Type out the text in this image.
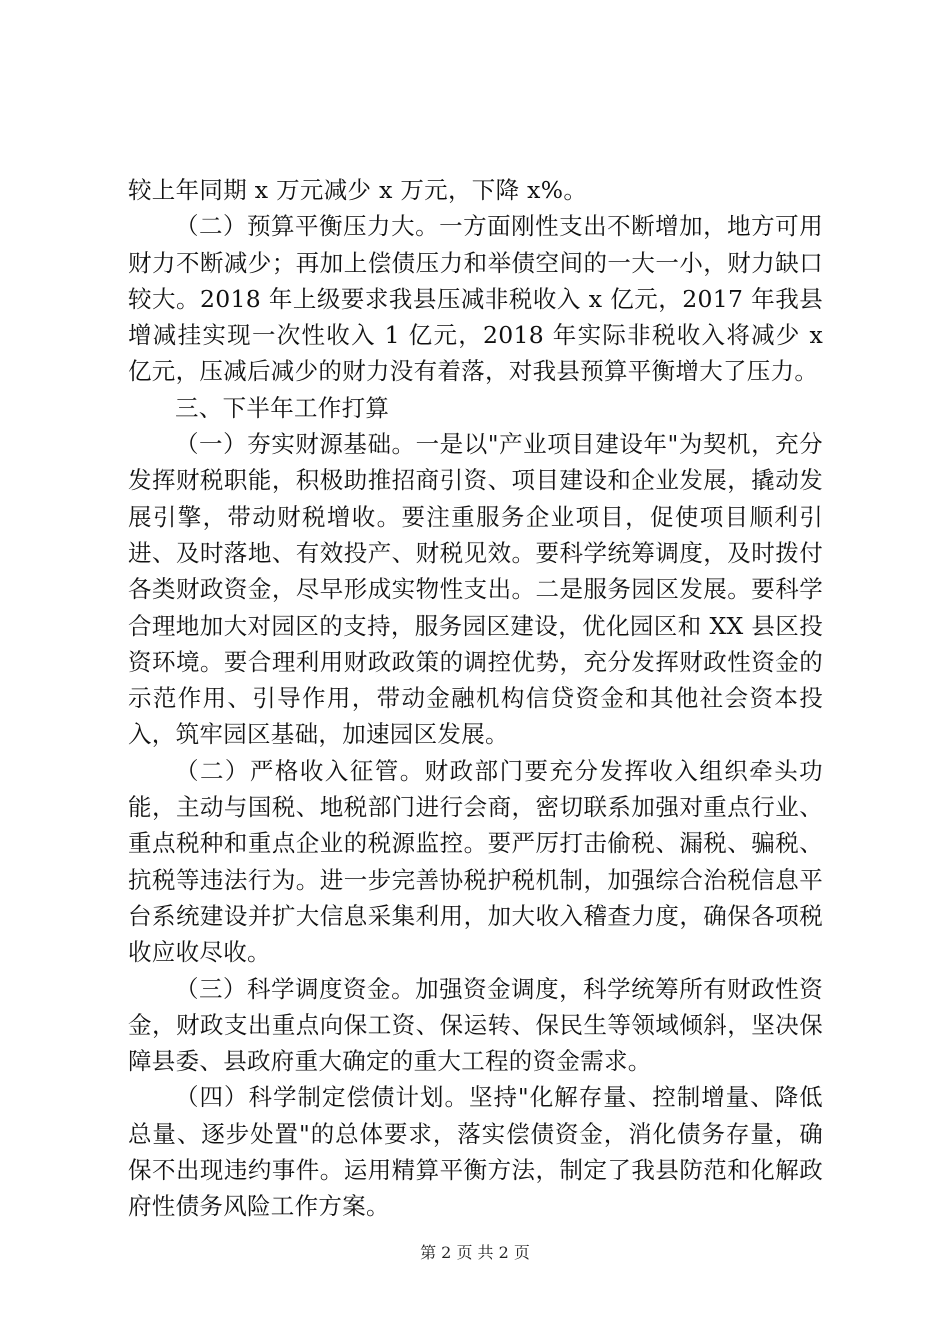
较上年同期 x 万元减少 x 万元，下降 x%。

（二）预算平衡压力大。一方面刚性支出不断增加，地方可用财力不断减少；再加上偿债压力和举债空间的一大一小，财力缺口较大。2018 年上级要求我县压减非税收入 x 亿元，2017 年我县增减挂实现一次性收入 1 亿元，2018 年实际非税收入将减少 x 亿元，压减后减少的财力没有着落，对我县预算平衡增大了压力。

三、下半年工作打算

（一）夯实财源基础。一是以"产业项目建设年"为契机，充分发挥财税职能，积极助推招商引资、项目建设和企业发展，撬动发展引擎，带动财税增收。要注重服务企业项目，促使项目顺利引进、及时落地、有效投产、财税见效。要科学统筹调度，及时拨付各类财政资金，尽早形成实物性支出。二是服务园区发展。要科学合理地加大对园区的支持，服务园区建设，优化园区和 XX 县区投资环境。要合理利用财政政策的调控优势，充分发挥财政性资金的示范作用、引导作用，带动金融机构信贷资金和其他社会资本投入，筑牢园区基础，加速园区发展。

（二）严格收入征管。财政部门要充分发挥收入组织牵头功能，主动与国税、地税部门进行会商，密切联系加强对重点行业、重点税种和重点企业的税源监控。要严厉打击偷税、漏税、骗税、抗税等违法行为。进一步完善协税护税机制，加强综合治税信息平台系统建设并扩大信息采集利用，加大收入稽查力度，确保各项税收应收尽收。

（三）科学调度资金。加强资金调度，科学统筹所有财政性资金，财政支出重点向保工资、保运转、保民生等领域倾斜，坚决保障县委、县政府重大确定的重大工程的资金需求。

（四）科学制定偿债计划。坚持"化解存量、控制增量、降低总量、逐步处置"的总体要求，落实偿债资金，消化债务存量，确保不出现违约事件。运用精算平衡方法，制定了我县防范和化解政府性债务风险工作方案。

第 2 页 共 2 页
